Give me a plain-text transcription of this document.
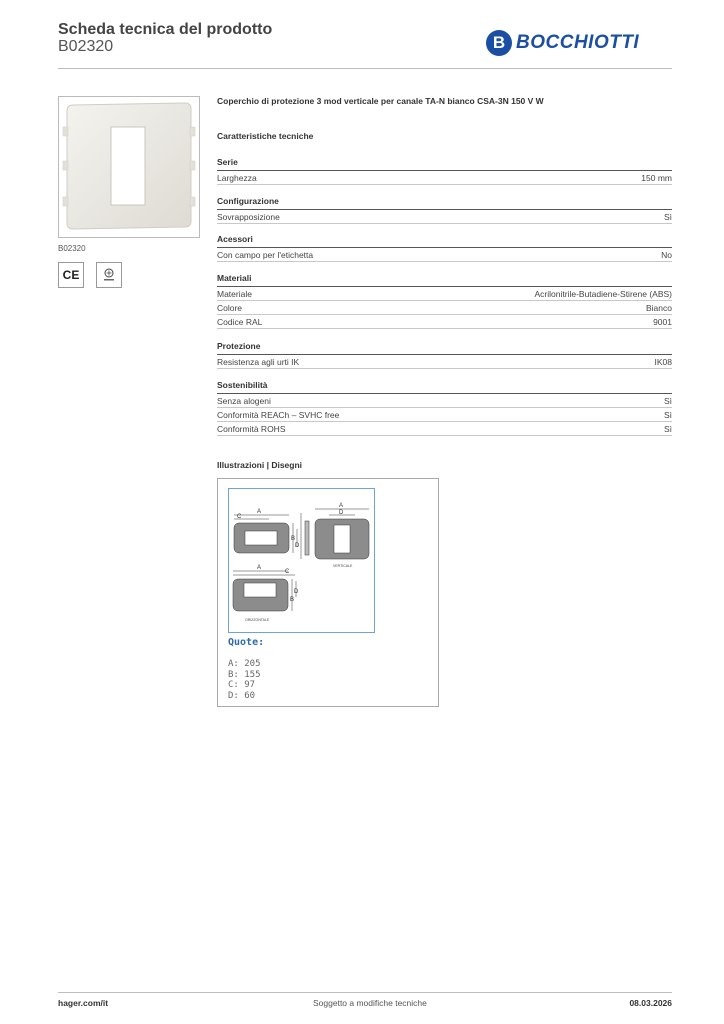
Scheda tecnica del prodotto
B02320	B BOCCHIOTTI
B02320
CE
Coperchio di protezione 3 mod verticale per canale TA-N bianco CSA-3N 150 V W
Caratteristiche tecniche
Serie
Larghezza	150 mm
Configurazione
Sovrapposizione	Sì
Acessori
Con campo per l'etichetta	No
Materiali
Materiale	Acrilonitrile-Butadiene-Stirene (ABS)
Colore	Bianco
Codice RAL	9001
Protezione
Resistenza agli urti IK	IK08
Sostenibilità
Senza alogeni	Sì
Conformità REACh – SVHC free	Sì
Conformità ROHS	Sì
Illustrazioni | Disegni
A
C
B
D
A
D
A
C
B
D
VERTICALE
ORIZZONTALE
Quote:
A: 205
B: 155
C: 97
D: 60
hager.com/it	Soggetto a modifiche tecniche	08.03.2026
